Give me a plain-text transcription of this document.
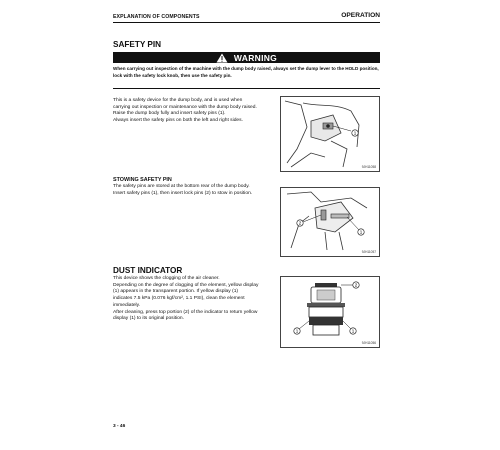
EXPLANATION OF COMPONENTS	OPERATION
SAFETY PIN
WARNING
When carrying out inspection of the machine with the dump body raised, always set the dump lever to the HOLD position, lock with the safety lock knob, then use the safety pin.
This is a safety device for the dump body, and is used when
carrying out inspection or maintenance with the dump body raised.
Raise the dump body fully and insert safety pins (1).
Always insert the safety pins on both the left and right sides.
1
9JH11058
STOWING SAFETY PIN
The safety pins are stored at the bottom rear of the dump body.
Insert safety pins (1), then insert lock pins (2) to stow in position.
2
1
9JH11057
DUST INDICATOR
This device shows the clogging of the air cleaner.
Depending on the degree of clogging of the element, yellow display
(1) appears in the transparent portion. If yellow display (1)
indicates 7.5 kPa (0.076 kgf/cm², 1.1 PSI), clean the element
immediately.
After cleaning, press top portion (2) of the indicator to return yellow
display (1) to its original position.
2
1	1
9JH11056
3 - 46
